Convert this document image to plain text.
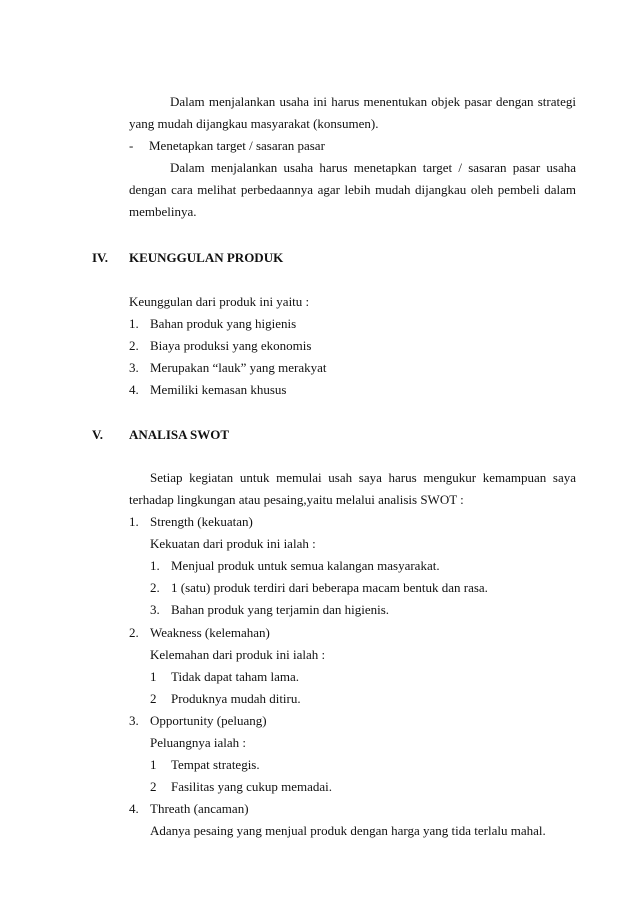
Dalam menjalankan usaha ini harus menentukan objek pasar dengan strategi
yang mudah dijangkau masyarakat (konsumen).
- Menetapkan target / sasaran pasar
Dalam menjalankan usaha harus menetapkan target / sasaran pasar usaha
dengan cara melihat perbedaannya agar lebih mudah dijangkau oleh pembeli dalam
membelinya.
IV. KEUNGGULAN PRODUK
Keunggulan dari produk ini yaitu :
1. Bahan produk yang higienis
2. Biaya produksi yang ekonomis
3. Merupakan “lauk” yang merakyat
4. Memiliki kemasan khusus
V. ANALISA SWOT
Setiap kegiatan untuk memulai usah saya harus mengukur kemampuan saya
terhadap lingkungan atau pesaing,yaitu melalui analisis SWOT :
1. Strength (kekuatan)
Kekuatan dari produk ini ialah :
1. Menjual produk untuk semua kalangan masyarakat.
2. 1 (satu) produk terdiri dari beberapa macam bentuk dan rasa.
3. Bahan produk yang terjamin dan higienis.
2. Weakness (kelemahan)
Kelemahan dari produk ini ialah :
1 Tidak dapat taham lama.
2 Produknya mudah ditiru.
3. Opportunity (peluang)
Peluangnya ialah :
1 Tempat strategis.
2 Fasilitas yang cukup memadai.
4. Threath (ancaman)
Adanya pesaing yang menjual produk dengan harga yang tida terlalu mahal.
